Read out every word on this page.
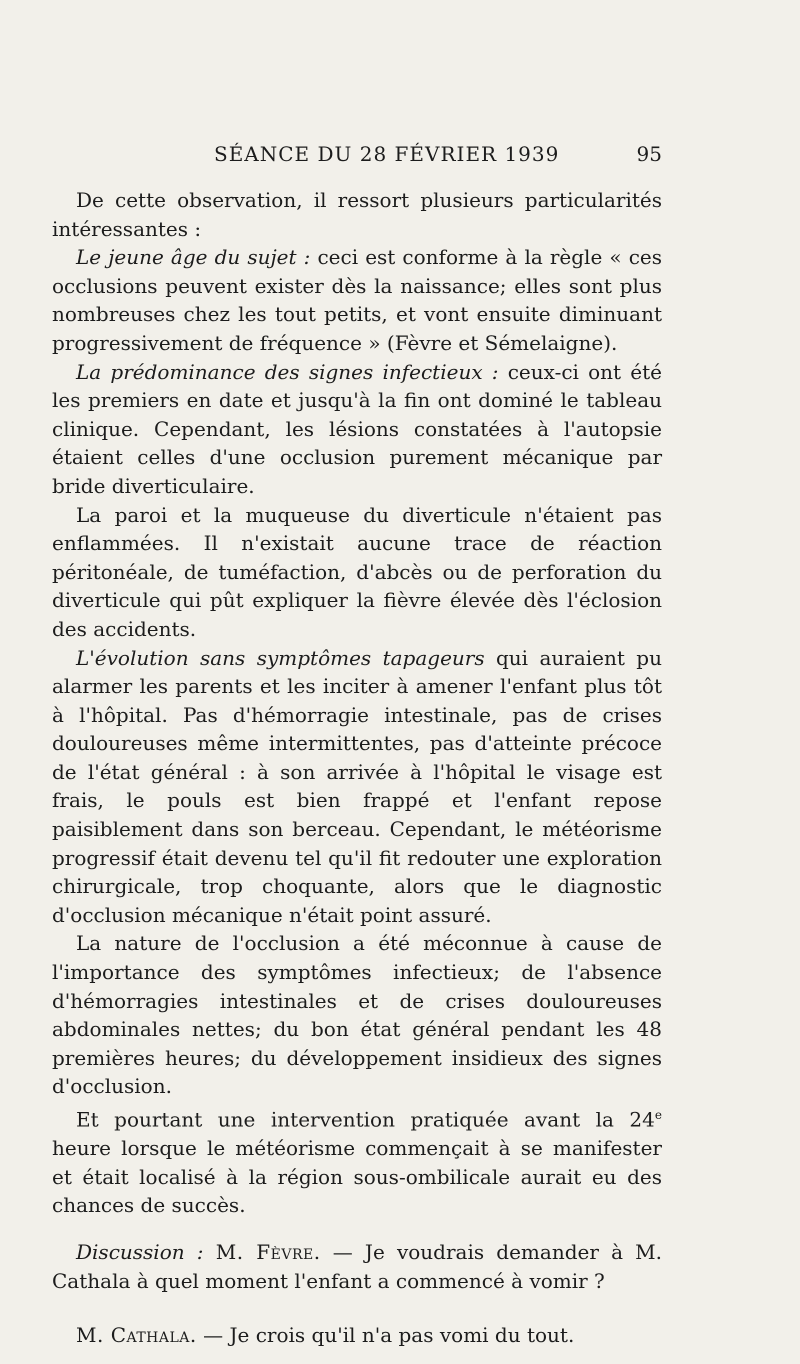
SÉANCE DU 28 FÉVRIER 1939	95

De cette observation, il ressort plusieurs particularités intéressantes :

Le jeune âge du sujet : ceci est conforme à la règle « ces occlusions peuvent exister dès la naissance; elles sont plus nombreuses chez les tout petits, et vont ensuite diminuant progressivement de fréquence » (Fèvre et Sémelaigne).

La prédominance des signes infectieux : ceux-ci ont été les premiers en date et jusqu'à la fin ont dominé le tableau clinique. Cependant, les lésions constatées à l'autopsie étaient celles d'une occlusion purement mécanique par bride diverticulaire.

La paroi et la muqueuse du diverticule n'étaient pas enflammées. Il n'existait aucune trace de réaction péritonéale, de tuméfaction, d'abcès ou de perforation du diverticule qui pût expliquer la fièvre élevée dès l'éclosion des accidents.

L'évolution sans symptômes tapageurs qui auraient pu alarmer les parents et les inciter à amener l'enfant plus tôt à l'hôpital. Pas d'hémorragie intestinale, pas de crises douloureuses même intermittentes, pas d'atteinte précoce de l'état général : à son arrivée à l'hôpital le visage est frais, le pouls est bien frappé et l'enfant repose paisiblement dans son berceau. Cependant, le météorisme progressif était devenu tel qu'il fit redouter une exploration chirurgicale, trop choquante, alors que le diagnostic d'occlusion mécanique n'était point assuré.

La nature de l'occlusion a été méconnue à cause de l'importance des symptômes infectieux; de l'absence d'hémorragies intestinales et de crises douloureuses abdominales nettes; du bon état général pendant les 48 premières heures; du développement insidieux des signes d'occlusion.

Et pourtant une intervention pratiquée avant la 24e heure lorsque le météorisme commençait à se manifester et était localisé à la région sous-ombilicale aurait eu des chances de succès.

Discussion : M. Fèvre. — Je voudrais demander à M. Cathala à quel moment l'enfant a commencé à vomir ?

M. Cathala. — Je crois qu'il n'a pas vomi du tout.
